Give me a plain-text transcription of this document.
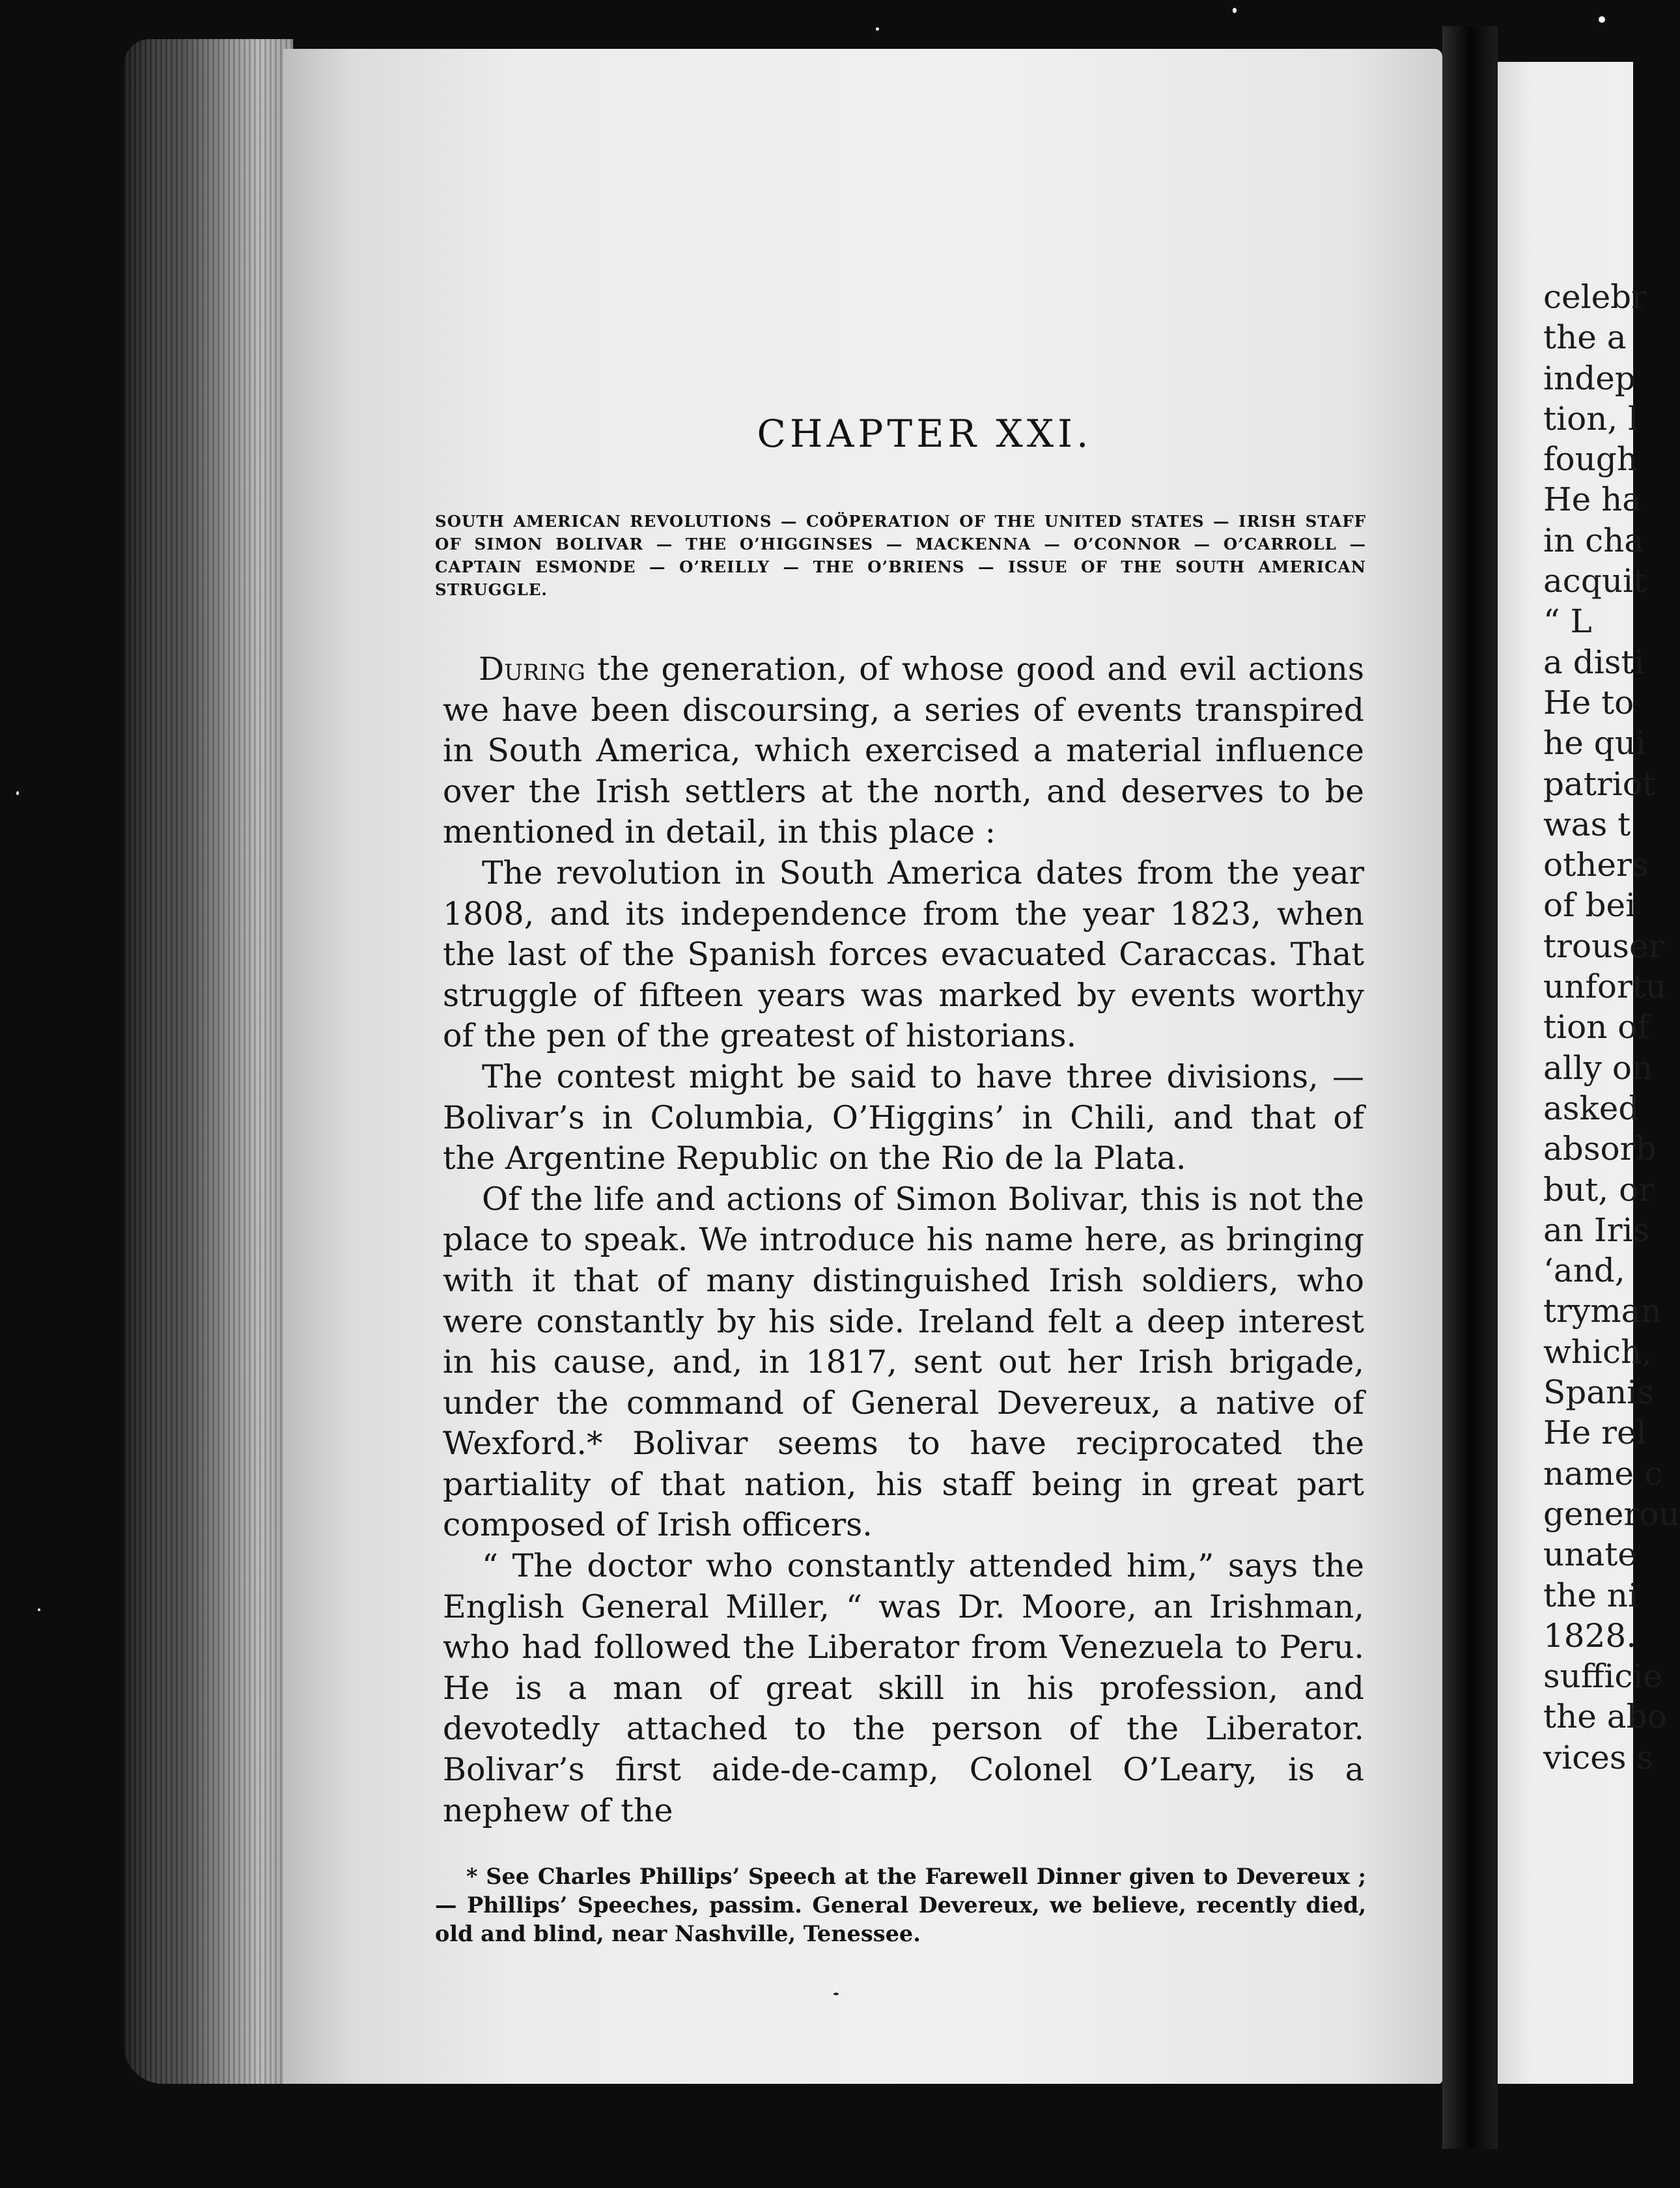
celebr
the a
indep
tion, l
fough
He ha
in cha
acquit
“ L
a disti
He to
he qui
patriot
was t
others
of bei
trouser
unfortu
tion of
ally on
asked
absorb
but, or
an Iris
‘and,
tryman
which,
Spanis
He rel
name c
generou
unate
the ni
1828.
sufficie
the abo
vices s
CHAPTER XXI.
SOUTH AMERICAN REVOLUTIONS — COÖPERATION OF THE UNITED STATES — IRISH STAFF OF SIMON BOLIVAR — THE O’HIGGINSES — MACKENNA — O’CONNOR — O’CARROLL — CAPTAIN ESMONDE — O’REILLY — THE O’BRIENS — ISSUE OF THE SOUTH AMERICAN STRUGGLE.

During the generation, of whose good and evil actions we have been discoursing, a series of events transpired in South America, which exercised a material influence over the Irish settlers at the north, and deserves to be mentioned in detail, in this place :

The revolution in South America dates from the year 1808, and its independence from the year 1823, when the last of the Spanish forces evacuated Caraccas. That struggle of fifteen years was marked by events worthy of the pen of the greatest of historians.

The contest might be said to have three divisions, — Bolivar’s in Columbia, O’Higgins’ in Chili, and that of the Argentine Republic on the Rio de la Plata.

Of the life and actions of Simon Bolivar, this is not the place to speak. We introduce his name here, as bringing with it that of many distinguished Irish soldiers, who were constantly by his side. Ireland felt a deep interest in his cause, and, in 1817, sent out her Irish brigade, under the command of General Devereux, a native of Wexford.* Bolivar seems to have reciprocated the partiality of that nation, his staff being in great part composed of Irish officers.

“ The doctor who constantly attended him,” says the English General Miller, “ was Dr. Moore, an Irishman, who had followed the Liberator from Venezuela to Peru. He is a man of great skill in his profession, and devotedly attached to the person of the Liberator. Bolivar’s first aide-de-camp, Colonel O’Leary, is a nephew of the

* See Charles Phillips’ Speech at the Farewell Dinner given to Devereux ; — Phillips’ Speeches, passim. General Devereux, we believe, recently died, old and blind, near Nashville, Tenessee.
